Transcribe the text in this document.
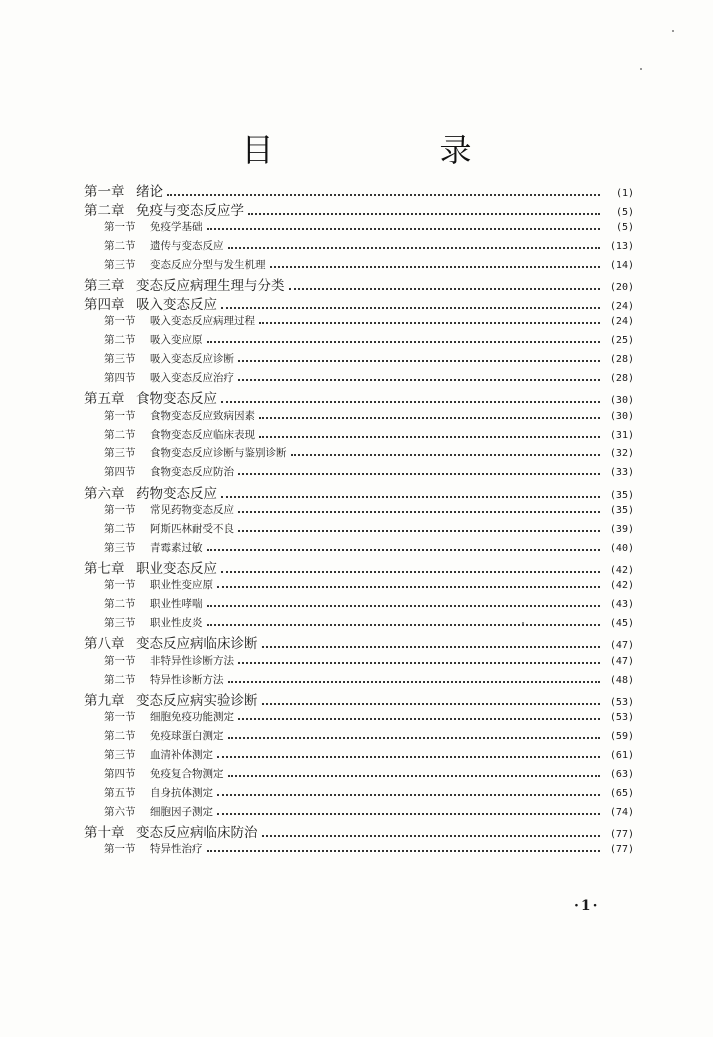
目　　录
第一章 绪论	(1)
第二章 免疫与变态反应学	(5)
第一节	免疫学基础	(5)
第二节	遗传与变态反应	(13)
第三节	变态反应分型与发生机理	(14)
第三章 变态反应病理生理与分类	(20)
第四章 吸入变态反应	(24)
第一节	吸入变态反应病理过程	(24)
第二节	吸入变应原	(25)
第三节	吸入变态反应诊断	(28)
第四节	吸入变态反应治疗	(28)
第五章 食物变态反应	(30)
第一节	食物变态反应致病因素	(30)
第二节	食物变态反应临床表现	(31)
第三节	食物变态反应诊断与鉴别诊断	(32)
第四节	食物变态反应防治	(33)
第六章 药物变态反应	(35)
第一节	常见药物变态反应	(35)
第二节	阿斯匹林耐受不良	(39)
第三节	青霉素过敏	(40)
第七章 职业变态反应	(42)
第一节	职业性变应原	(42)
第二节	职业性哮喘	(43)
第三节	职业性皮炎	(45)
第八章 变态反应病临床诊断	(47)
第一节	非特异性诊断方法	(47)
第二节	特异性诊断方法	(48)
第九章 变态反应病实验诊断	(53)
第一节	细胞免疫功能测定	(53)
第二节	免疫球蛋白测定	(59)
第三节	血清补体测定	(61)
第四节	免疫复合物测定	(63)
第五节	自身抗体测定	(65)
第六节	细胞因子测定	(74)
第十章 变态反应病临床防治	(77)
第一节	特异性治疗	(77)
·1·
